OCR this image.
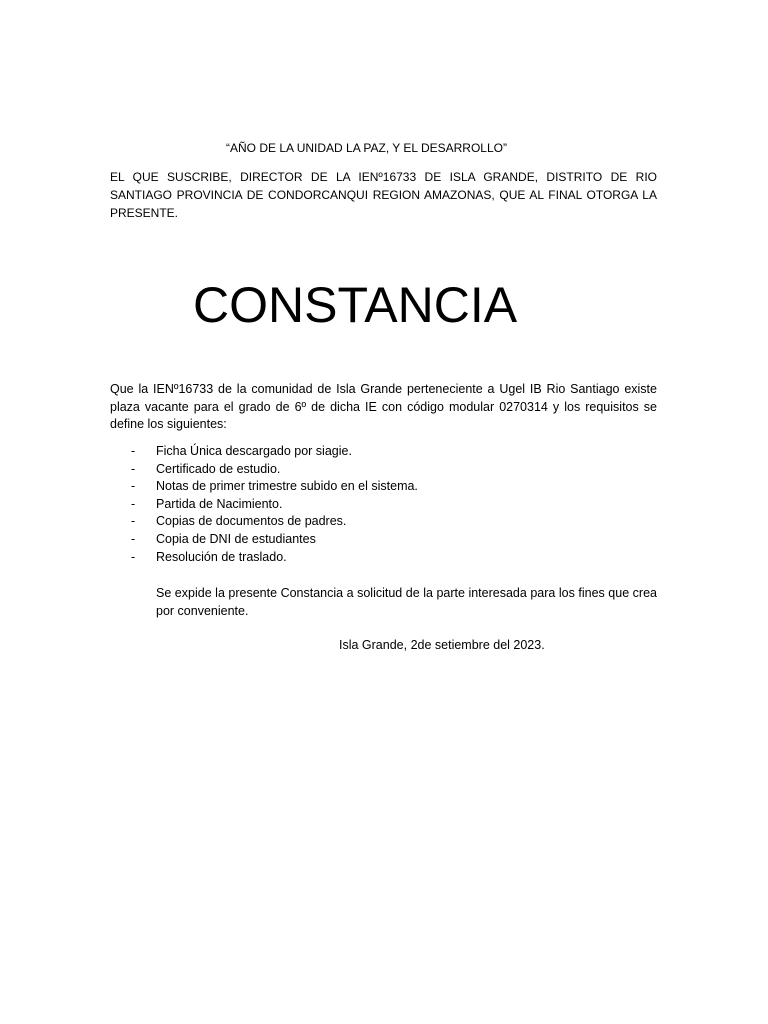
“AÑO DE LA UNIDAD LA PAZ, Y EL DESARROLLO”
EL QUE SUSCRIBE, DIRECTOR DE LA IENº16733 DE ISLA GRANDE, DISTRITO DE RIO SANTIAGO PROVINCIA DE CONDORCANQUI REGION AMAZONAS, QUE AL FINAL OTORGA LA PRESENTE.
CONSTANCIA
Que la IENº16733 de la comunidad de Isla Grande perteneciente a Ugel IB Rio Santiago existe plaza vacante para el grado de 6º de dicha IE con código modular 0270314 y los requisitos se define los siguientes:
-	Ficha Única descargado por siagie.
-	Certificado de estudio.
-	Notas de primer trimestre subido en el sistema.
-	Partida de Nacimiento.
-	Copias de documentos de padres.
-	Copia de DNI de estudiantes
-	Resolución de traslado.
Se expide la presente Constancia a solicitud de la parte interesada para los fines que crea por conveniente.
Isla Grande, 2de setiembre del 2023.
